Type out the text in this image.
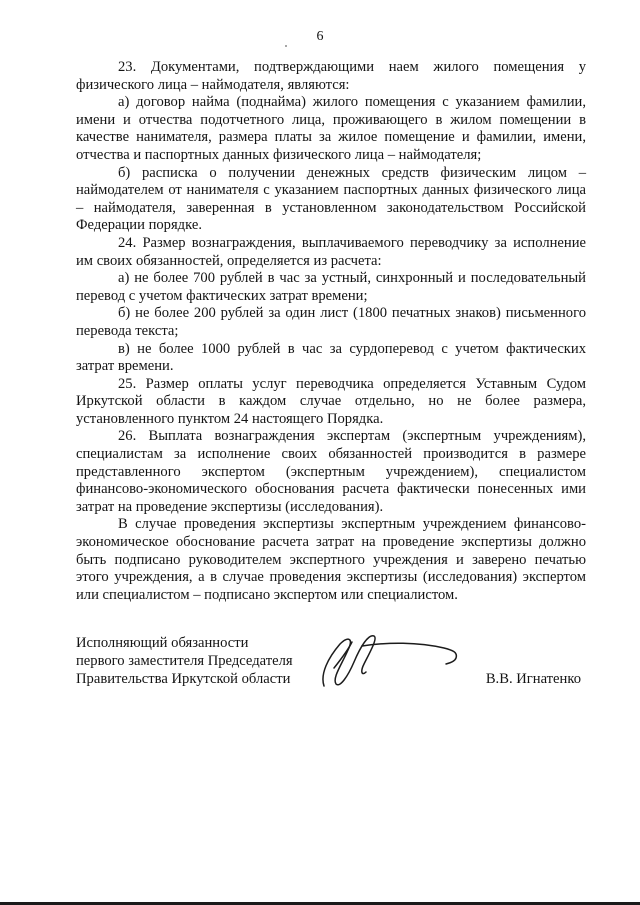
6

23. Документами, подтверждающими наем жилого помещения у физического лица – наймодателя, являются:

а) договор найма (поднайма) жилого помещения с указанием фамилии, имени и отчества подотчетного лица, проживающего в жилом помещении в качестве нанимателя, размера платы за жилое помещение и фамилии, имени, отчества и паспортных данных физического лица – наймодателя;

б) расписка о получении денежных средств физическим лицом – наймодателем от нанимателя с указанием паспортных данных физического лица – наймодателя, заверенная в установленном законодательством Российской Федерации порядке.

24. Размер вознаграждения, выплачиваемого переводчику за исполнение им своих обязанностей, определяется из расчета:

а) не более 700 рублей в час за устный, синхронный и последовательный перевод с учетом фактических затрат времени;

б) не более 200 рублей за один лист (1800 печатных знаков) письменного перевода текста;

в) не более 1000 рублей в час за сурдоперевод с учетом фактических затрат времени.

25. Размер оплаты услуг переводчика определяется Уставным Судом Иркутской области в каждом случае отдельно, но не более размера, установленного пунктом 24 настоящего Порядка.

26. Выплата вознаграждения экспертам (экспертным учреждениям), специалистам за исполнение своих обязанностей производится в размере представленного экспертом (экспертным учреждением), специалистом финансово-экономического обоснования расчета фактически понесенных ими затрат на проведение экспертизы (исследования).

В случае проведения экспертизы экспертным учреждением финансово-экономическое обоснование расчета затрат на проведение экспертизы должно быть подписано руководителем экспертного учреждения и заверено печатью этого учреждения, а в случае проведения экспертизы (исследования) экспертом или специалистом – подписано экспертом или специалистом.

Исполняющий обязанности
первого заместителя Председателя
Правительства Иркутской области	В.В. Игнатенко
